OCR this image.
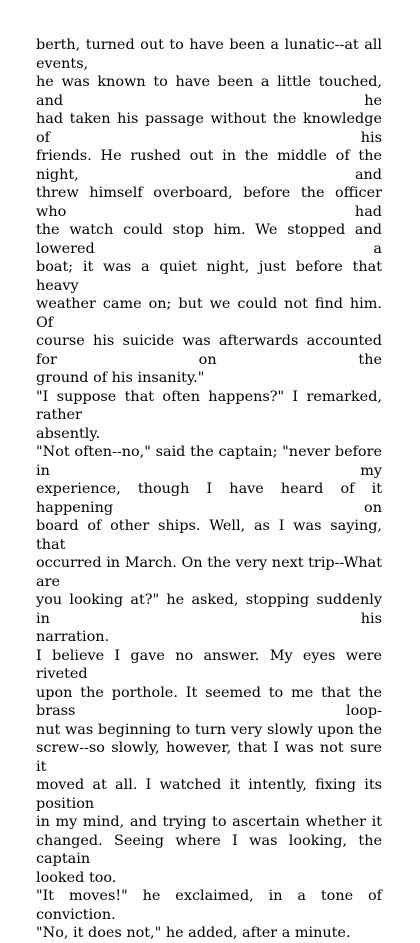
berth, turned out to have been a lunatic--at all events,
he was known to have been a little touched, and he
had taken his passage without the knowledge of his
friends. He rushed out in the middle of the night, and
threw himself overboard, before the officer who had
the watch could stop him. We stopped and lowered a
boat; it was a quiet night, just before that heavy
weather came on; but we could not find him. Of
course his suicide was afterwards accounted for on the
ground of his insanity."

"I suppose that often happens?" I remarked, rather
absently.

"Not often--no," said the captain; "never before in my
experience, though I have heard of it happening on
board of other ships. Well, as I was saying, that
occurred in March. On the very next trip--What are
you looking at?" he asked, stopping suddenly in his
narration.

I believe I gave no answer. My eyes were riveted
upon the porthole. It seemed to me that the brass loop-
nut was beginning to turn very slowly upon the
screw--so slowly, however, that I was not sure it
moved at all. I watched it intently, fixing its position
in my mind, and trying to ascertain whether it
changed. Seeing where I was looking, the captain
looked too.

"It moves!" he exclaimed, in a tone of conviction.
"No, it does not," he added, after a minute.
